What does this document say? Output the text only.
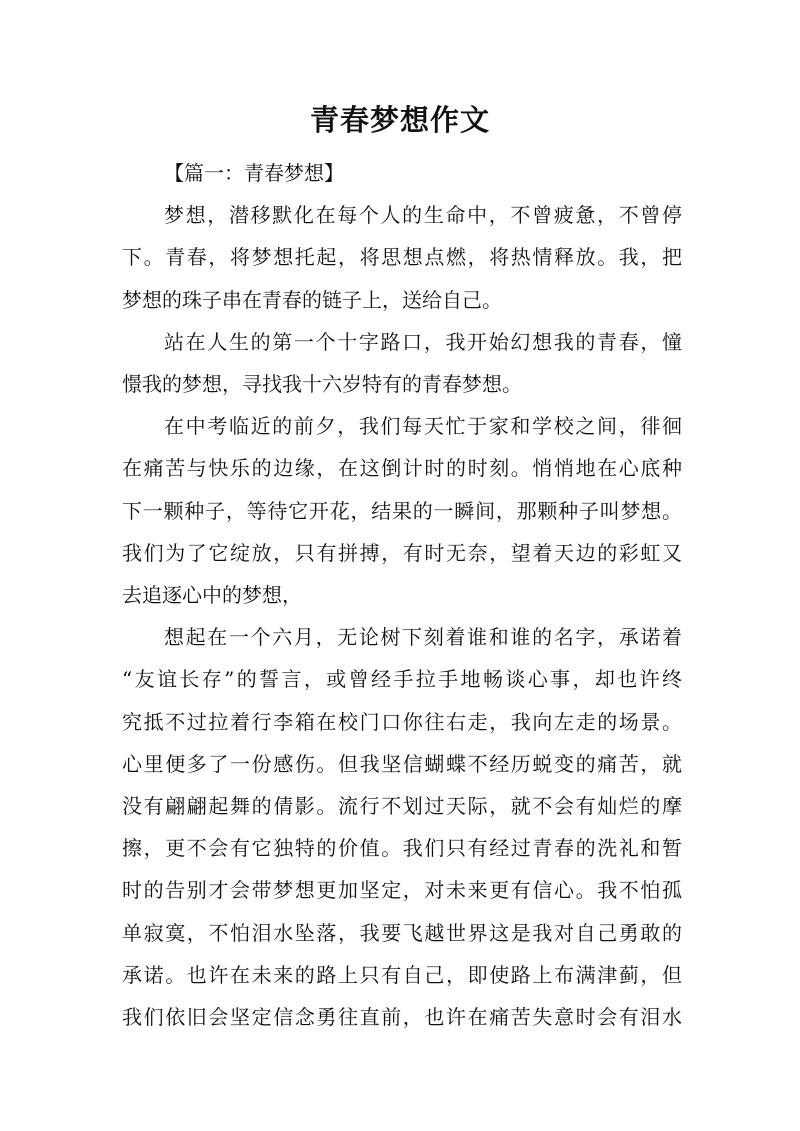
青春梦想作文
【篇一：青春梦想】
梦想，潜移默化在每个人的生命中，不曾疲惫，不曾停
下。青春，将梦想托起，将思想点燃，将热情释放。我，把
梦想的珠子串在青春的链子上，送给自己。
站在人生的第一个十字路口，我开始幻想我的青春，憧
憬我的梦想，寻找我十六岁特有的青春梦想。
在中考临近的前夕，我们每天忙于家和学校之间，徘徊
在痛苦与快乐的边缘，在这倒计时的时刻。悄悄地在心底种
下一颗种子，等待它开花，结果的一瞬间，那颗种子叫梦想。
我们为了它绽放，只有拼搏，有时无奈，望着天边的彩虹又
去追逐心中的梦想，
想起在一个六月，无论树下刻着谁和谁的名字，承诺着
“友谊长存”的誓言，或曾经手拉手地畅谈心事，却也许终
究抵不过拉着行李箱在校门口你往右走，我向左走的场景。
心里便多了一份感伤。但我坚信蝴蝶不经历蜕变的痛苦，就
没有翩翩起舞的倩影。流行不划过天际，就不会有灿烂的摩
擦，更不会有它独特的价值。我们只有经过青春的洗礼和暂
时的告别才会带梦想更加坚定，对未来更有信心。我不怕孤
单寂寞，不怕泪水坠落，我要飞越世界这是我对自己勇敢的
承诺。也许在未来的路上只有自己，即使路上布满津蓟，但
我们依旧会坚定信念勇往直前，也许在痛苦失意时会有泪水
